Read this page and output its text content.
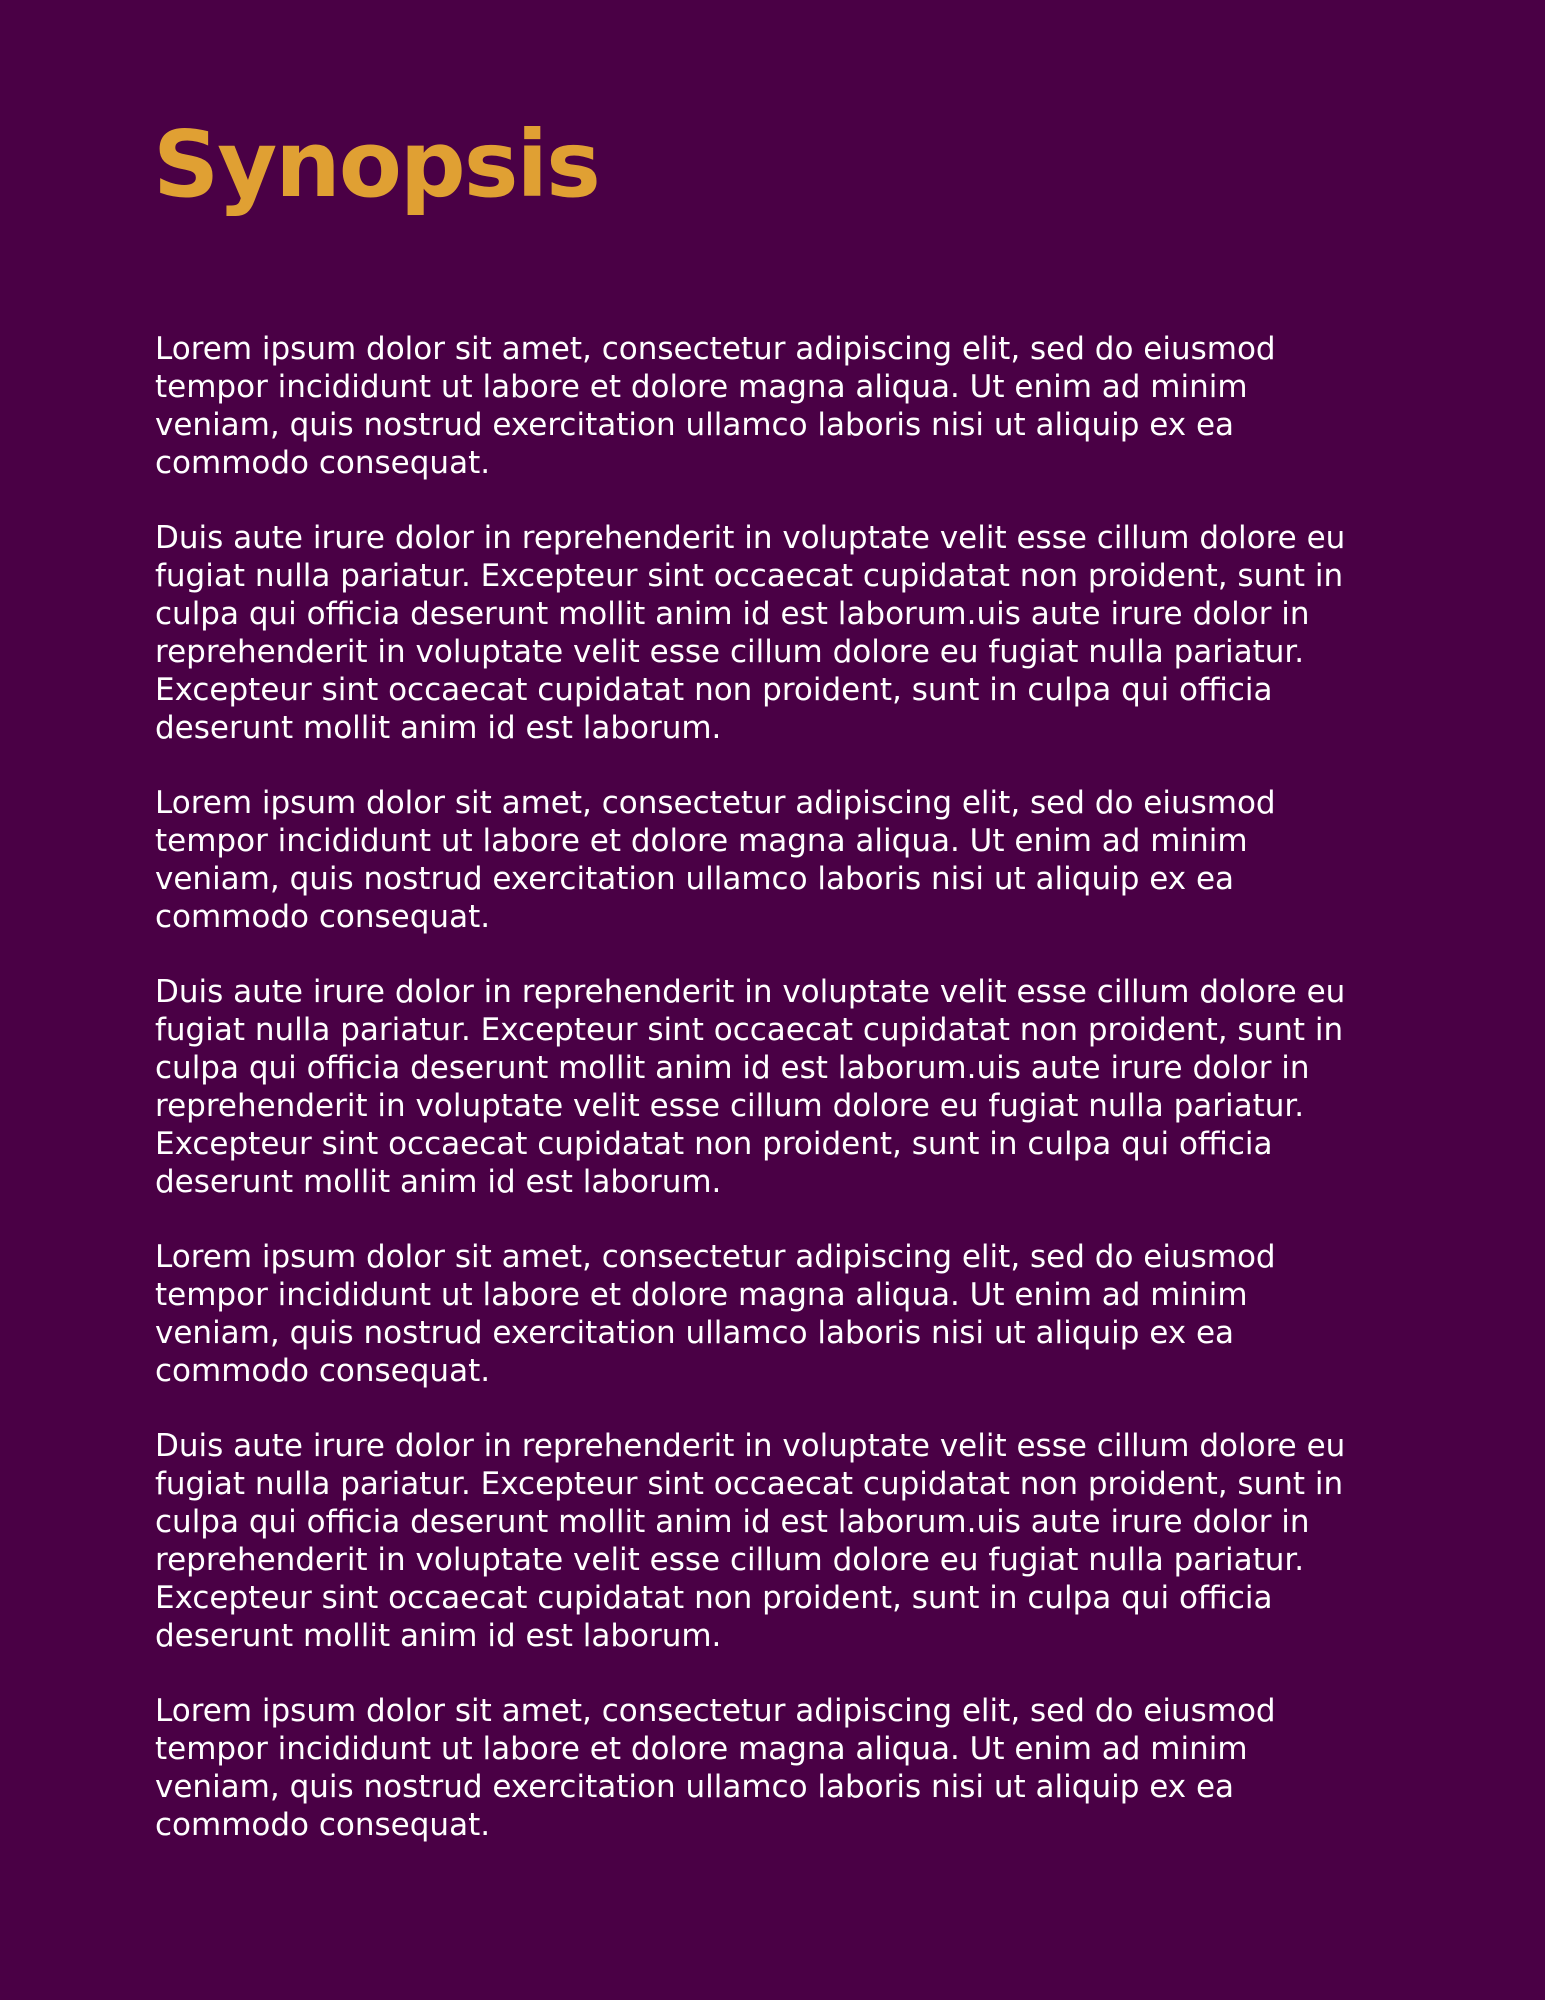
Synopsis

Lorem ipsum dolor sit amet, consectetur adipiscing elit, sed do eiusmod
tempor incididunt ut labore et dolore magna aliqua. Ut enim ad minim
veniam, quis nostrud exercitation ullamco laboris nisi ut aliquip ex ea
commodo consequat.

Duis aute irure dolor in reprehenderit in voluptate velit esse cillum dolore eu
fugiat nulla pariatur. Excepteur sint occaecat cupidatat non proident, sunt in
culpa qui officia deserunt mollit anim id est laborum.uis aute irure dolor in
reprehenderit in voluptate velit esse cillum dolore eu fugiat nulla pariatur.
Excepteur sint occaecat cupidatat non proident, sunt in culpa qui officia
deserunt mollit anim id est laborum.

Lorem ipsum dolor sit amet, consectetur adipiscing elit, sed do eiusmod
tempor incididunt ut labore et dolore magna aliqua. Ut enim ad minim
veniam, quis nostrud exercitation ullamco laboris nisi ut aliquip ex ea
commodo consequat.

Duis aute irure dolor in reprehenderit in voluptate velit esse cillum dolore eu
fugiat nulla pariatur. Excepteur sint occaecat cupidatat non proident, sunt in
culpa qui officia deserunt mollit anim id est laborum.uis aute irure dolor in
reprehenderit in voluptate velit esse cillum dolore eu fugiat nulla pariatur.
Excepteur sint occaecat cupidatat non proident, sunt in culpa qui officia
deserunt mollit anim id est laborum.

Lorem ipsum dolor sit amet, consectetur adipiscing elit, sed do eiusmod
tempor incididunt ut labore et dolore magna aliqua. Ut enim ad minim
veniam, quis nostrud exercitation ullamco laboris nisi ut aliquip ex ea
commodo consequat.

Duis aute irure dolor in reprehenderit in voluptate velit esse cillum dolore eu
fugiat nulla pariatur. Excepteur sint occaecat cupidatat non proident, sunt in
culpa qui officia deserunt mollit anim id est laborum.uis aute irure dolor in
reprehenderit in voluptate velit esse cillum dolore eu fugiat nulla pariatur.
Excepteur sint occaecat cupidatat non proident, sunt in culpa qui officia
deserunt mollit anim id est laborum.

Lorem ipsum dolor sit amet, consectetur adipiscing elit, sed do eiusmod
tempor incididunt ut labore et dolore magna aliqua. Ut enim ad minim
veniam, quis nostrud exercitation ullamco laboris nisi ut aliquip ex ea
commodo consequat.
